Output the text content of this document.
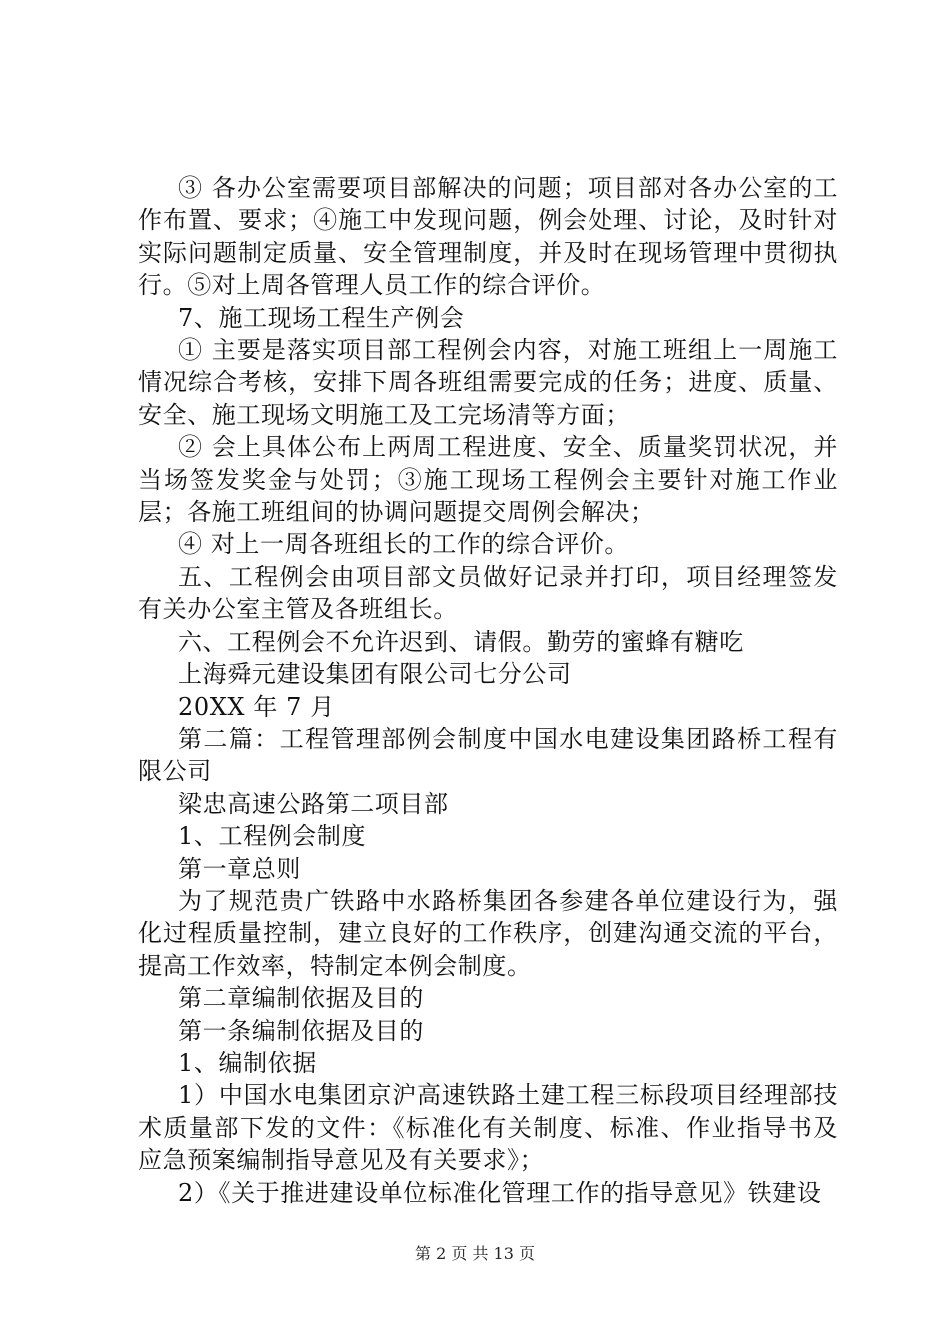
③ 各办公室需要项目部解决的问题；项目部对各办公室的工作布置、要求；④施工中发现问题，例会处理、讨论，及时针对实际问题制定质量、安全管理制度，并及时在现场管理中贯彻执行。⑤对上周各管理人员工作的综合评价。

7、施工现场工程生产例会

① 主要是落实项目部工程例会内容，对施工班组上一周施工情况综合考核，安排下周各班组需要完成的任务；进度、质量、安全、施工现场文明施工及工完场清等方面；

② 会上具体公布上两周工程进度、安全、质量奖罚状况，并当场签发奖金与处罚；③施工现场工程例会主要针对施工作业层；各施工班组间的协调问题提交周例会解决；

④ 对上一周各班组长的工作的综合评价。

五、工程例会由项目部文员做好记录并打印，项目经理签发有关办公室主管及各班组长。

六、工程例会不允许迟到、请假。勤劳的蜜蜂有糖吃

上海舜元建设集团有限公司七分公司

20XX 年 7 月

第二篇：工程管理部例会制度中国水电建设集团路桥工程有限公司

梁忠高速公路第二项目部

1、工程例会制度

第一章总则

为了规范贵广铁路中水路桥集团各参建各单位建设行为，强化过程质量控制，建立良好的工作秩序，创建沟通交流的平台，提高工作效率，特制定本例会制度。

第二章编制依据及目的

第一条编制依据及目的

1、编制依据

1）中国水电集团京沪高速铁路土建工程三标段项目经理部技术质量部下发的文件：《标准化有关制度、标准、作业指导书及应急预案编制指导意见及有关要求》；

2）《关于推进建设单位标准化管理工作的指导意见》铁建设

第 2 页 共 13 页
